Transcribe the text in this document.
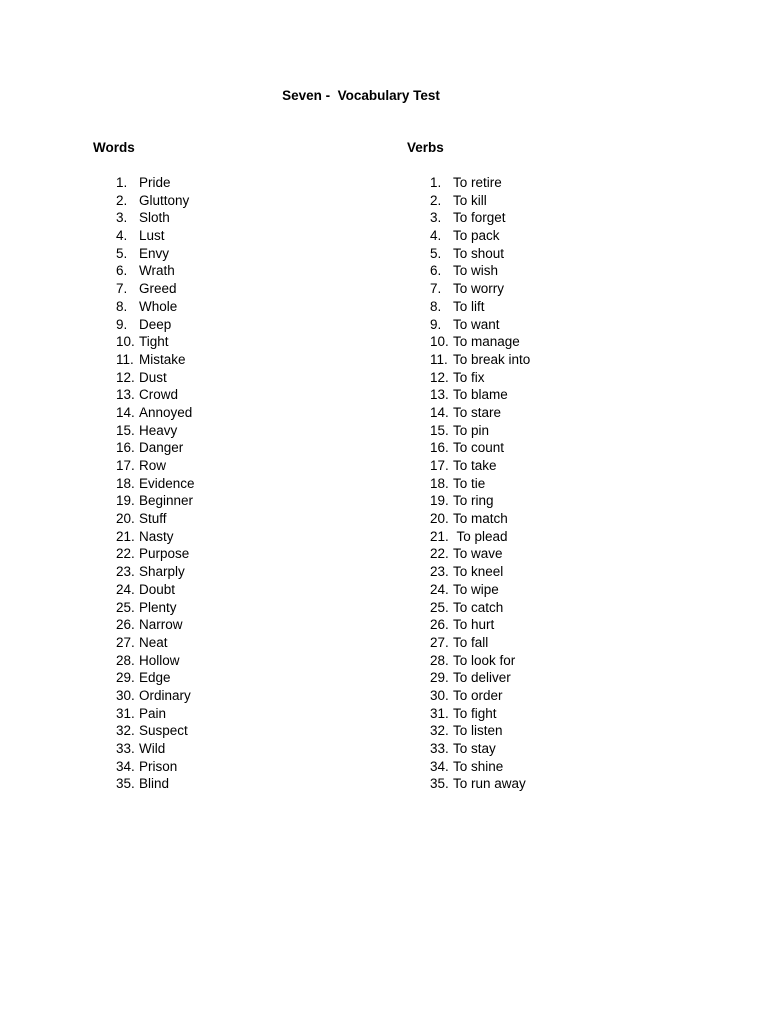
Seven -  Vocabulary Test
Words	Verbs
1. Pride
2. Gluttony
3. Sloth
4. Lust
5. Envy
6. Wrath
7. Greed
8. Whole
9. Deep
10. Tight
11. Mistake
12. Dust
13. Crowd
14. Annoyed
15. Heavy
16. Danger
17. Row
18. Evidence
19. Beginner
20. Stuff
21. Nasty
22. Purpose
23. Sharply
24. Doubt
25. Plenty
26. Narrow
27. Neat
28. Hollow
29. Edge
30. Ordinary
31. Pain
32. Suspect
33. Wild
34. Prison
35. Blind
1. To retire
2. To kill
3. To forget
4. To pack
5. To shout
6. To wish
7. To worry
8. To lift
9. To want
10. To manage
11. To break into
12. To fix
13. To blame
14. To stare
15. To pin
16. To count
17. To take
18. To tie
19. To ring
20. To match
21. To plead
22. To wave
23. To kneel
24. To wipe
25. To catch
26. To hurt
27. To fall
28. To look for
29. To deliver
30. To order
31. To fight
32. To listen
33. To stay
34. To shine
35. To run away
